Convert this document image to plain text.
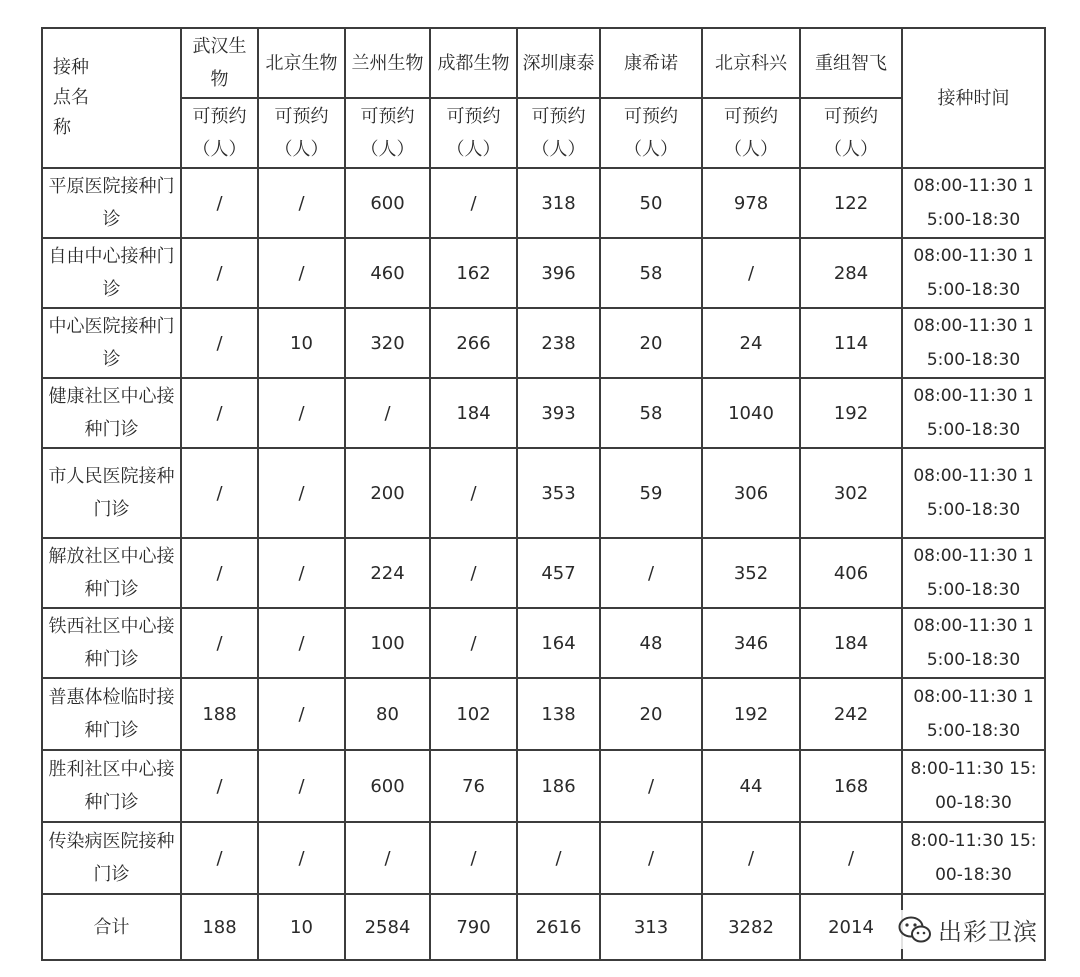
接种
点名
称	武汉生物	北京生物	兰州生物	成都生物	深圳康泰	康希诺	北京科兴	重组智飞	接种时间
	可预约（人）	可预约（人）	可预约（人）	可预约（人）	可预约（人）	可预约（人）	可预约（人）	可预约（人）	
平原医院接种门诊	/	/	600	/	318	50	978	122	08:00-11:30 15:00-18:30
自由中心接种门诊	/	/	460	162	396	58	/	284	08:00-11:30 15:00-18:30
中心医院接种门诊	/	10	320	266	238	20	24	114	08:00-11:30 15:00-18:30
健康社区中心接种门诊	/	/	/	184	393	58	1040	192	08:00-11:30 15:00-18:30
市人民医院接种门诊	/	/	200	/	353	59	306	302	08:00-11:30 15:00-18:30
解放社区中心接种门诊	/	/	224	/	457	/	352	406	08:00-11:30 15:00-18:30
铁西社区中心接种门诊	/	/	100	/	164	48	346	184	08:00-11:30 15:00-18:30
普惠体检临时接种门诊	188	/	80	102	138	20	192	242	08:00-11:30 15:00-18:30
胜利社区中心接种门诊	/	/	600	76	186	/	44	168	8:00-11:30 15:00-18:30
传染病医院接种门诊	/	/	/	/	/	/	/	/	8:00-11:30 15:00-18:30
合计	188	10	2584	790	2616	313	3282	2014		出彩卫滨
